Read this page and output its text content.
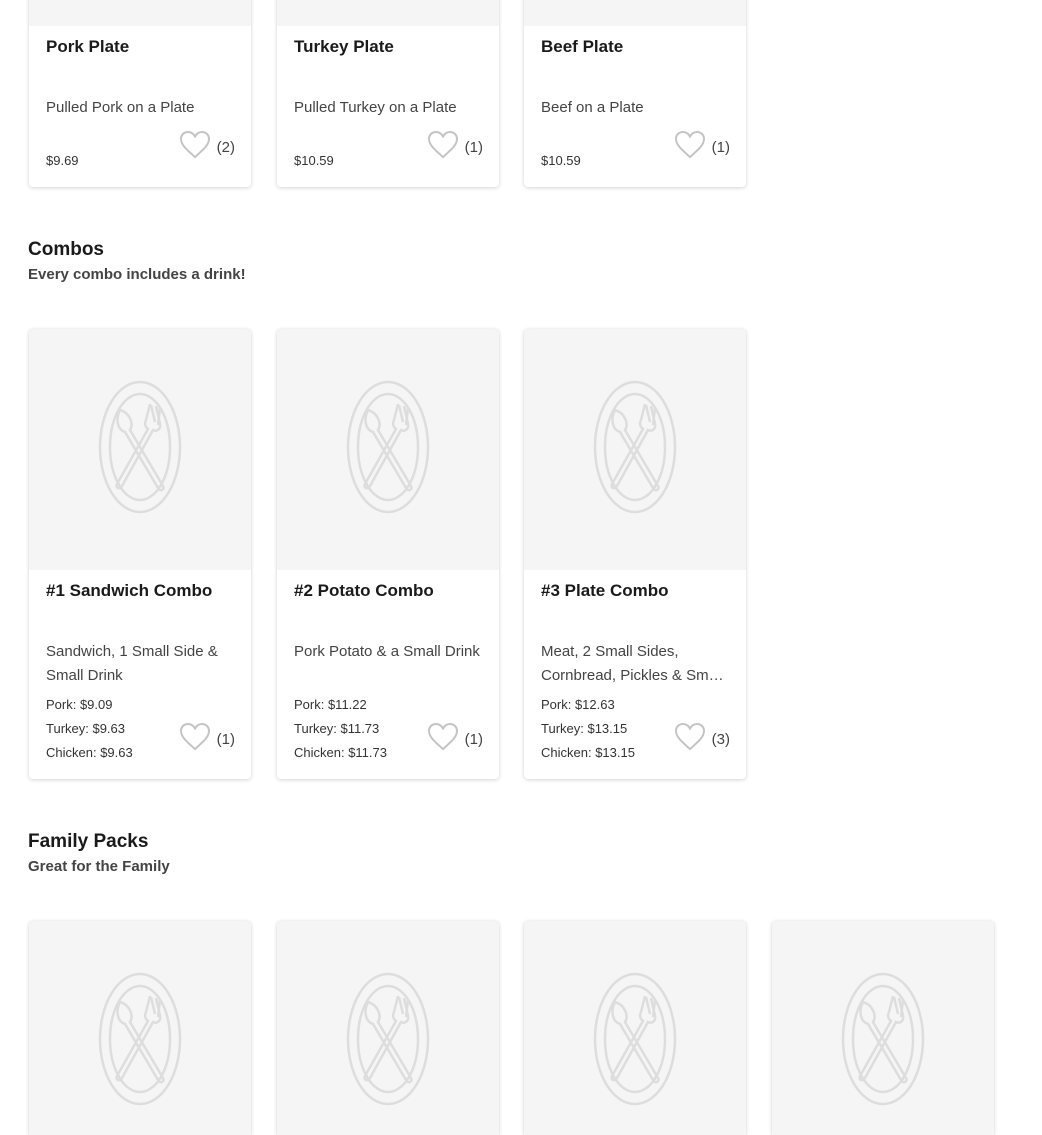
Pork Plate
Pulled Pork on a Plate
$9.69
(2)
Turkey Plate
Pulled Turkey on a Plate
$10.59
(1)
Beef Plate
Beef on a Plate
$10.59
(1)
Combos
Every combo includes a drink!
#1 Sandwich Combo
Sandwich, 1 Small Side & Small Drink
Pork: $9.09
Turkey: $9.63
Chicken: $9.63
(1)
#2 Potato Combo
Pork Potato & a Small Drink
Pork: $11.22
Turkey: $11.73
Chicken: $11.73
(1)
#3 Plate Combo
Meat, 2 Small Sides, Cornbread, Pickles & Small
Pork: $12.63
Turkey: $13.15
Chicken: $13.15
(3)
Family Packs
Great for the Family
